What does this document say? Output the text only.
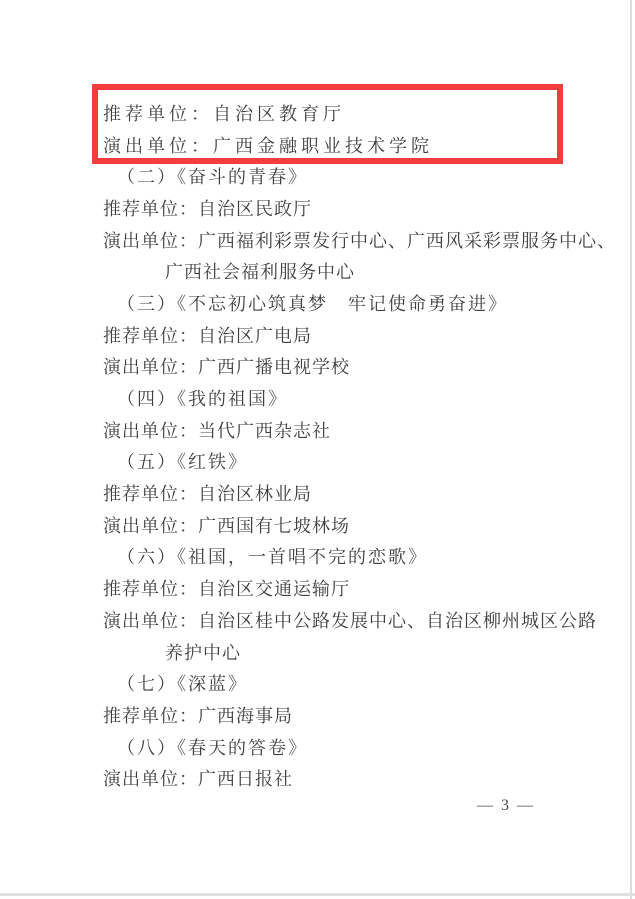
推荐单位：自治区教育厅
演出单位：广西金融职业技术学院
（二）《奋斗的青春》
推荐单位：自治区民政厅
演出单位：广西福利彩票发行中心、广西风采彩票服务中心、
广西社会福利服务中心
（三）《不忘初心筑真梦　牢记使命勇奋进》
推荐单位：自治区广电局
演出单位：广西广播电视学校
（四）《我的祖国》
演出单位：当代广西杂志社
（五）《红铁》
推荐单位：自治区林业局
演出单位：广西国有七坡林场
（六）《祖国，一首唱不完的恋歌》
推荐单位：自治区交通运输厅
演出单位：自治区桂中公路发展中心、自治区柳州城区公路
养护中心
（七）《深蓝》
推荐单位：广西海事局
（八）《春天的答卷》
演出单位：广西日报社
— 3 —
